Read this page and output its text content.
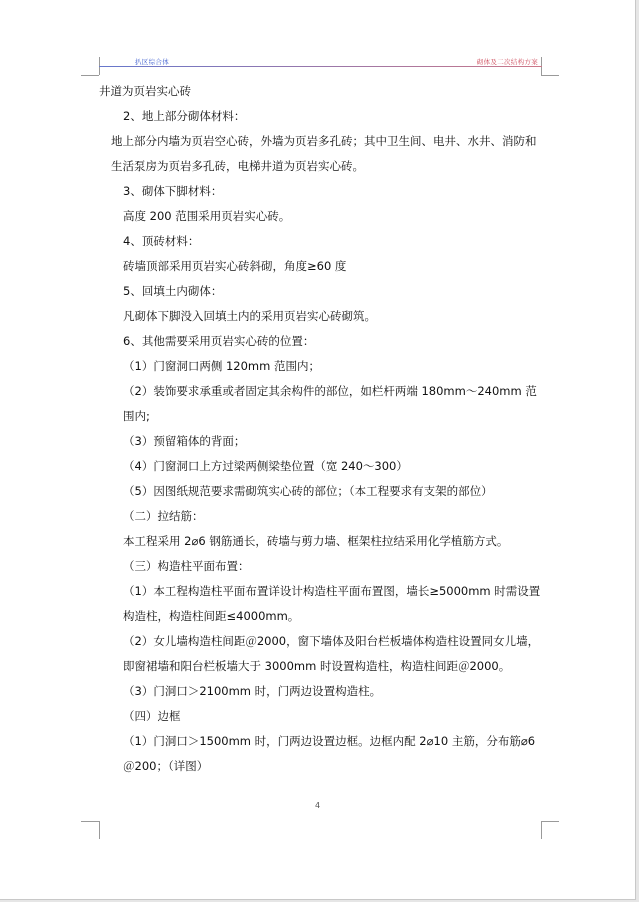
扒区综合体	砌体及二次结构方案

井道为页岩实心砖

2、地上部分砌体材料：

地上部分内墙为页岩空心砖，外墙为页岩多孔砖；其中卫生间、电井、水井、消防和生活泵房为页岩多孔砖，电梯井道为页岩实心砖。

3、砌体下脚材料：

高度 200 范围采用页岩实心砖。

4、顶砖材料：

砖墙顶部采用页岩实心砖斜砌，角度≥60 度

5、回填土内砌体：

凡砌体下脚没入回填土内的采用页岩实心砖砌筑。

6、其他需要采用页岩实心砖的位置：

（1）门窗洞口两侧 120mm 范围内；

（2）装饰要求承重或者固定其余构件的部位，如栏杆两端 180mm～240mm 范围内;

（3）预留箱体的背面；

（4）门窗洞口上方过梁两侧梁垫位置（宽 240～300）

（5）因图纸规范要求需砌筑实心砖的部位；（本工程要求有支架的部位）

（二）拉结筋：

本工程采用 2⌀6 钢筋通长，砖墙与剪力墙、框架柱拉结采用化学植筋方式。

（三）构造柱平面布置：

（1）本工程构造柱平面布置详设计构造柱平面布置图，墙长≥5000mm 时需设置构造柱，构造柱间距≤4000mm。

（2）女儿墙构造柱间距＠2000，窗下墙体及阳台栏板墙体构造柱设置同女儿墙，即窗裙墙和阳台栏板墙大于 3000mm 时设置构造柱，构造柱间距＠2000。

（3）门洞口＞2100mm 时，门两边设置构造柱。

（四）边框

（1）门洞口＞1500mm 时，门两边设置边框。边框内配 2⌀10 主筋，分布筋⌀6＠200；（详图）

4
